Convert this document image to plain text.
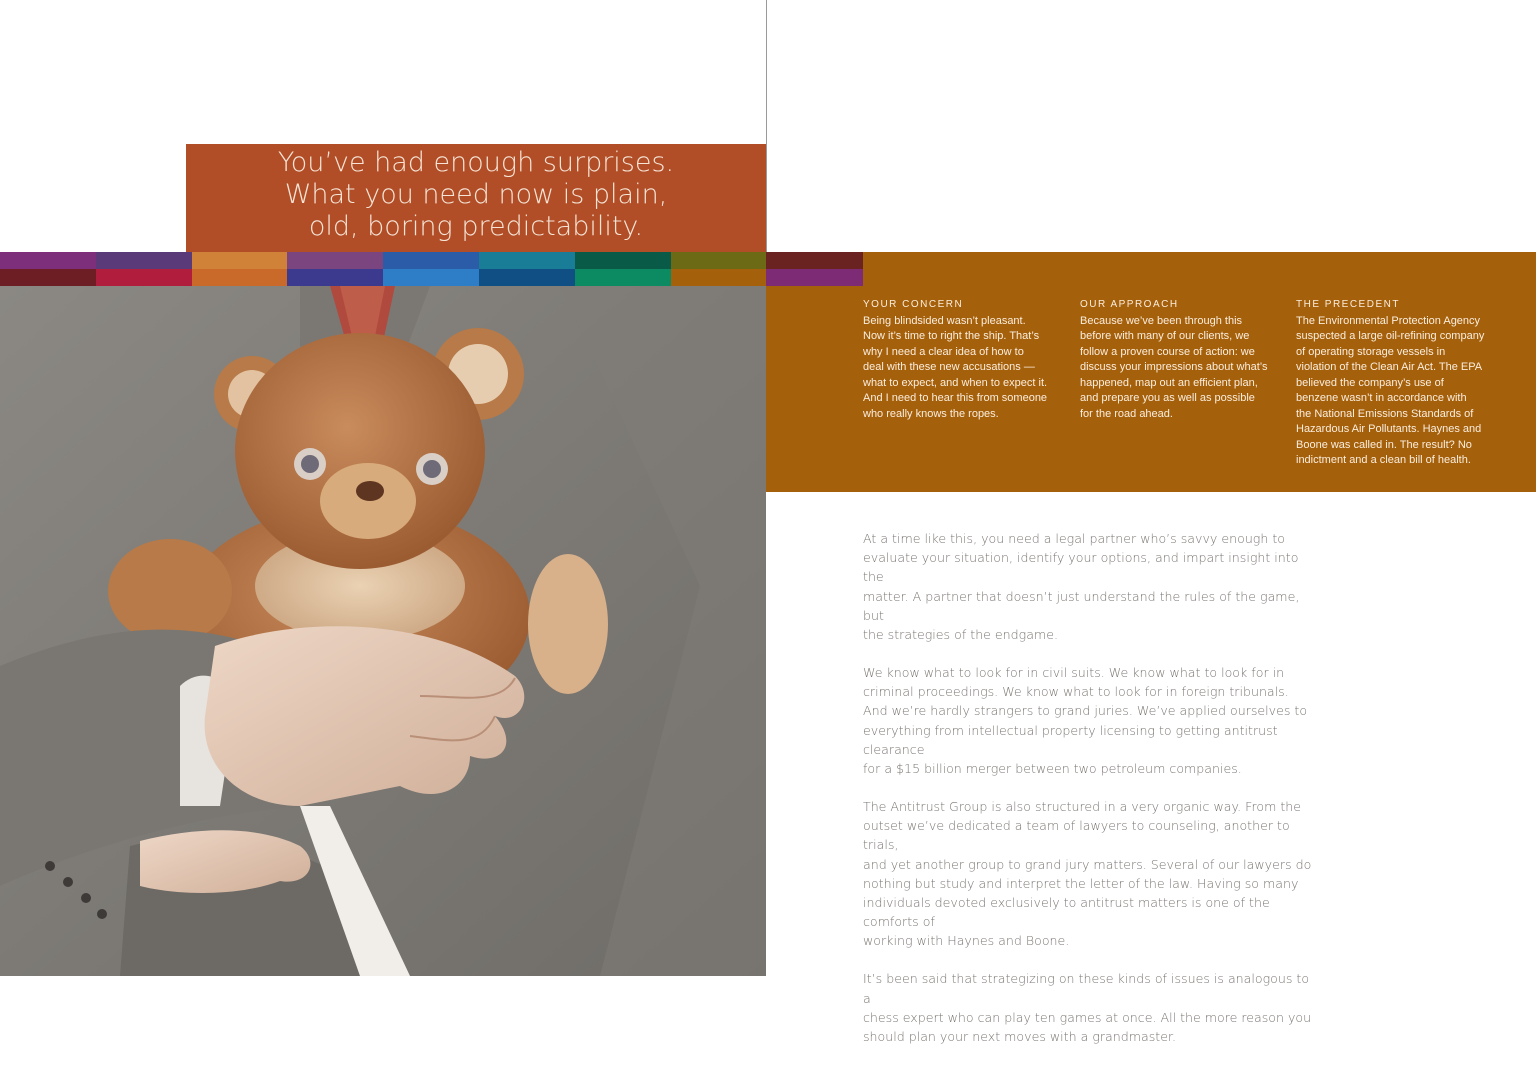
You’ve had enough surprises.
What you need now is plain,
old, boring predictability.
YOUR CONCERN
Being blindsided wasn’t pleasant.
Now it’s time to right the ship. That’s
why I need a clear idea of how to
deal with these new accusations —
what to expect, and when to expect it.
And I need to hear this from someone
who really knows the ropes.
OUR APPROACH
Because we’ve been through this
before with many of our clients, we
follow a proven course of action: we
discuss your impressions about what’s
happened, map out an efficient plan,
and prepare you as well as possible
for the road ahead.
THE PRECEDENT
The Environmental Protection Agency
suspected a large oil-refining company
of operating storage vessels in
violation of the Clean Air Act. The EPA
believed the company’s use of
benzene wasn’t in accordance with
the National Emissions Standards of
Hazardous Air Pollutants. Haynes and
Boone was called in. The result? No
indictment and a clean bill of health.

At a time like this, you need a legal partner who’s savvy enough to
evaluate your situation, identify your options, and impart insight into the
matter. A partner that doesn’t just understand the rules of the game, but
the strategies of the endgame.

We know what to look for in civil suits. We know what to look for in
criminal proceedings. We know what to look for in foreign tribunals.
And we’re hardly strangers to grand juries. We’ve applied ourselves to
everything from intellectual property licensing to getting antitrust clearance
for a $15 billion merger between two petroleum companies.

The Antitrust Group is also structured in a very organic way. From the
outset we’ve dedicated a team of lawyers to counseling, another to trials,
and yet another group to grand jury matters. Several of our lawyers do
nothing but study and interpret the letter of the law. Having so many
individuals devoted exclusively to antitrust matters is one of the comforts of
working with Haynes and Boone.

It’s been said that strategizing on these kinds of issues is analogous to a
chess expert who can play ten games at once. All the more reason you
should plan your next moves with a grandmaster.
